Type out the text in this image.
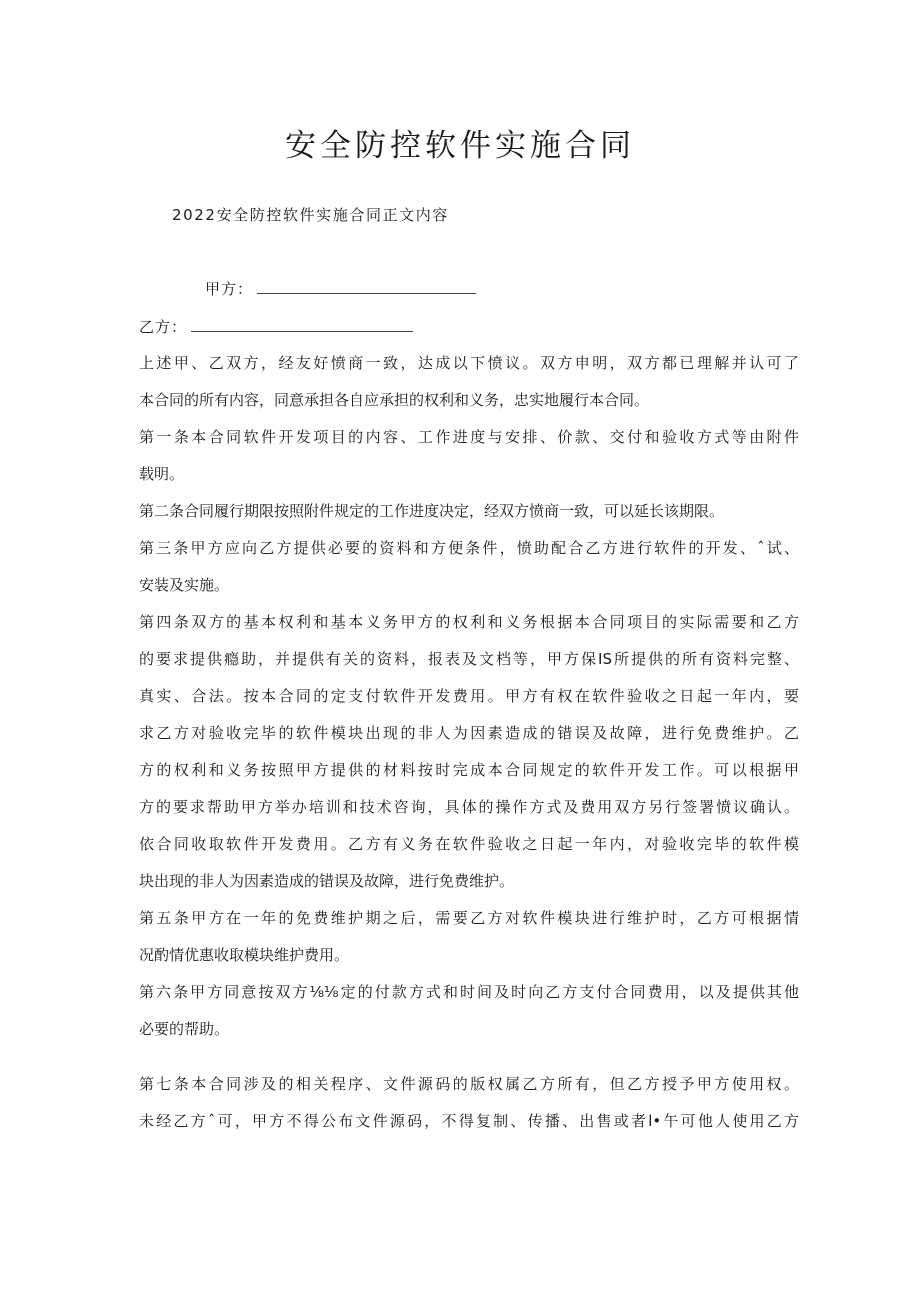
安全防控软件实施合同
2022安全防控软件实施合同正文内容
甲方：
乙方：
上述甲、乙双方，经友好愤商一致，达成以下愤议。双方申明，双方都已理解并认可了
本合同的所有内容，同意承担各自应承担的权利和义务，忠实地履行本合同。
第一条本合同软件开发项目的内容、工作进度与安排、价款、交付和验收方式等由附件
载明。
第二条合同履行期限按照附件规定的工作进度决定，经双方愤商一致，可以延长该期限。
第三条甲方应向乙方提供必要的资料和方便条件，愤助配合乙方进行软件的开发、ˆ试、
安装及实施。
第四条双方的基本权利和基本义务甲方的权利和义务根据本合同项目的实际需要和乙方
的要求提供瘾助，并提供有关的资料，报表及文档等，甲方保IS所提供的所有资料完整、
真实、合法。按本合同的定支付软件开发费用。甲方有权在软件验收之日起一年内，要
求乙方对验收完毕的软件模块出现的非人为因素造成的错误及故障，进行免费维护。乙
方的权利和义务按照甲方提供的材料按时完成本合同规定的软件开发工作。可以根据甲
方的要求帮助甲方举办培训和技术咨询，具体的操作方式及费用双方另行签署愤议确认。
依合同收取软件开发费用。乙方有义务在软件验收之日起一年内，对验收完毕的软件模
块出现的非人为因素造成的错误及故障，进行免费维护。
第五条甲方在一年的免费维护期之后，需要乙方对软件模块进行维护时，乙方可根据情
况酌情优惠收取模块维护费用。
第六条甲方同意按双方⅛⅛定的付款方式和时间及时向乙方支付合同费用，以及提供其他
必要的帮助。
第七条本合同涉及的相关程序、文件源码的版权属乙方所有，但乙方授予甲方使用权。
未经乙方ˆ可，甲方不得公布文件源码，不得复制、传播、出售或者l•午可他人使用乙方
